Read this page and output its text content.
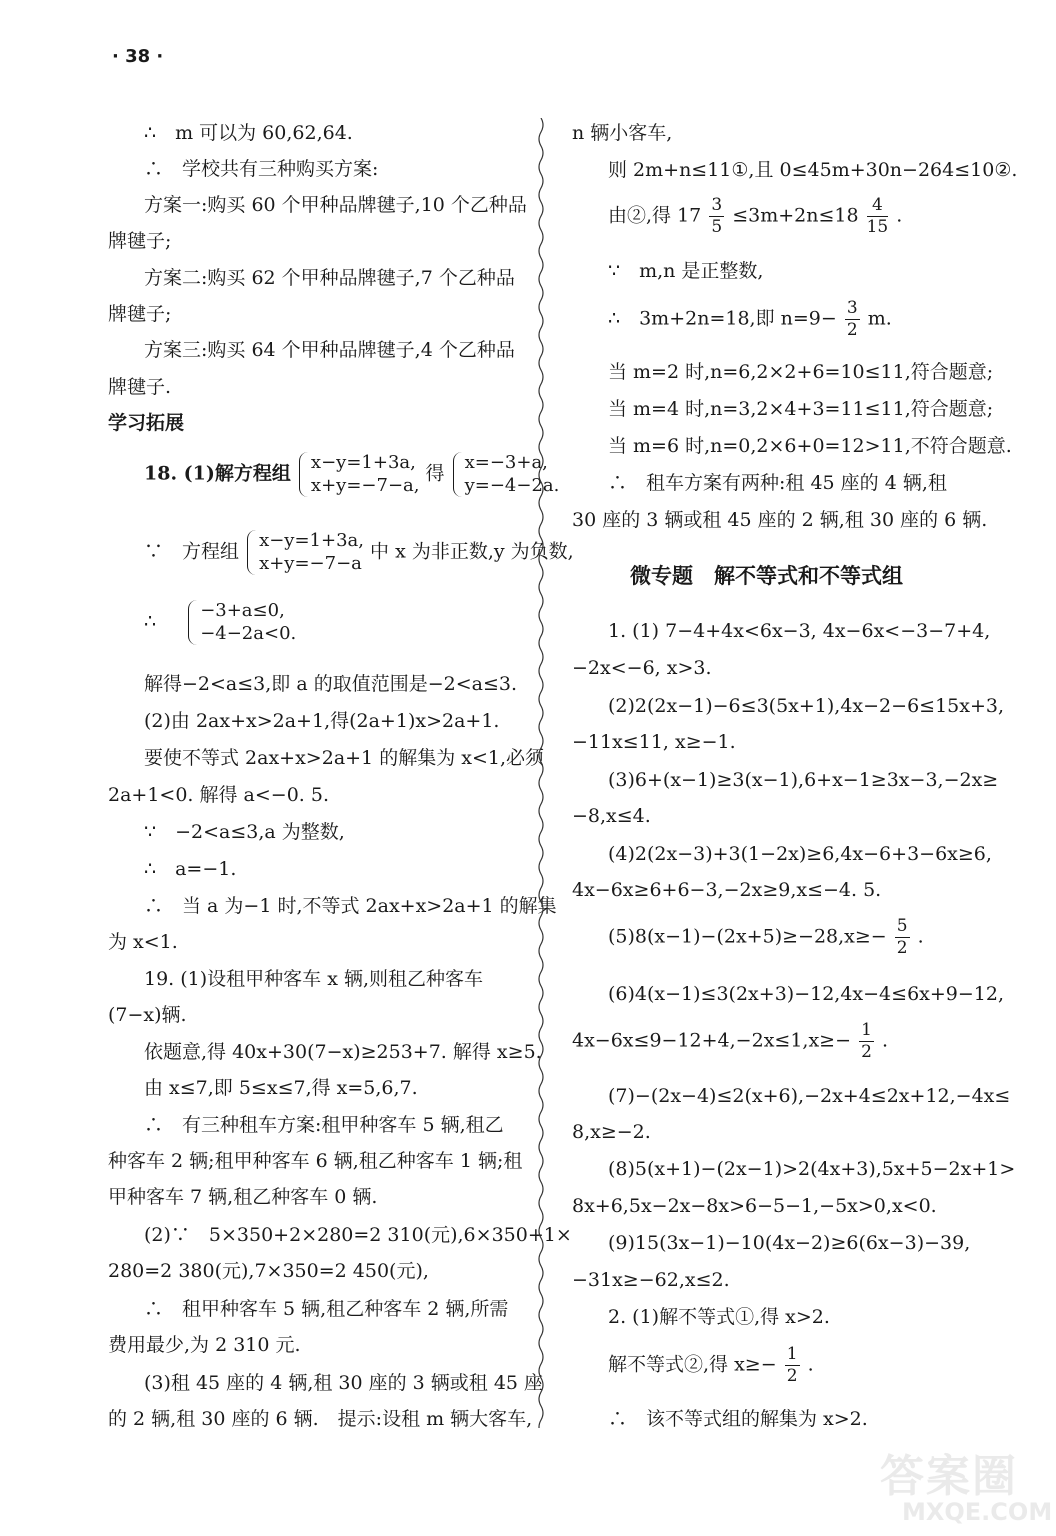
· 38 ·
∴　m 可以为 60,62,64.
∴　学校共有三种购买方案:
方案一:购买 60 个甲种品牌毽子,10 个乙种品
牌毽子;
方案二:购买 62 个甲种品牌毽子,7 个乙种品
牌毽子;
方案三:购买 64 个甲种品牌毽子,4 个乙种品
牌毽子.
学习拓展
18. (1)解方程组 x−y=1+3a,
x+y=−7−a,
得 x=−3+a,
y=−4−2a.
∵　方程组 x−y=1+3a,
x+y=−7−a
中 x 为非正数,y 为负数,
∴ −3+a≤0,
−4−2a<0.
解得−2<a≤3,即 a 的取值范围是−2<a≤3.
(2)由 2ax+x>2a+1,得(2a+1)x>2a+1.
要使不等式 2ax+x>2a+1 的解集为 x<1,必须
2a+1<0. 解得 a<−0. 5.
∵　−2<a≤3,a 为整数,
∴　a=−1.
∴　当 a 为−1 时,不等式 2ax+x>2a+1 的解集
为 x<1.
19. (1)设租甲种客车 x 辆,则租乙种客车
(7−x)辆.
依题意,得 40x+30(7−x)≥253+7. 解得 x≥5.
由 x≤7,即 5≤x≤7,得 x=5,6,7.
∴　有三种租车方案:租甲种客车 5 辆,租乙
种客车 2 辆;租甲种客车 6 辆,租乙种客车 1 辆;租
甲种客车 7 辆,租乙种客车 0 辆.
(2)∵　5×350+2×280=2 310(元),6×350+1×
280=2 380(元),7×350=2 450(元),
∴　租甲种客车 5 辆,租乙种客车 2 辆,所需
费用最少,为 2 310 元.
(3)租 45 座的 4 辆,租 30 座的 3 辆或租 45 座
的 2 辆,租 30 座的 6 辆.　提示:设租 m 辆大客车,
n 辆小客车,
则 2m+n≤11①,且 0≤45m+30n−264≤10②.
由②,得 $17 \frac{3}{5} \le 3m+2n\le 18 \frac{4}{15}$ .
∵　m,n 是正整数,
∴　3m+2n=18,即 $n=9- \frac{3}{2} m$.
当 m=2 时,n=6,2×2+6=10≤11,符合题意;
当 m=4 时,n=3,2×4+3=11≤11,符合题意;
当 m=6 时,n=0,2×6+0=12>11,不符合题意.
∴　租车方案有两种:租 45 座的 4 辆,租
30 座的 3 辆或租 45 座的 2 辆,租 30 座的 6 辆.
微专题　解不等式和不等式组
1. (1) 7−4+4x<6x−3, 4x−6x<−3−7+4,
−2x<−6, x>3.
(2)2(2x−1)−6≤3(5x+1),4x−2−6≤15x+3,
−11x≤11, x≥−1.
(3)6+(x−1)≥3(x−1),6+x−1≥3x−3,−2x≥
−8,x≤4.
(4)2(2x−3)+3(1−2x)≥6,4x−6+3−6x≥6,
4x−6x≥6+6−3,−2x≥9,x≤−4. 5.
$(5)8(x-1)-(2x+5)\ge-28,x\ge- \frac{5}{2}$ .
(6)4(x−1)≤3(2x+3)−12,4x−4≤6x+9−12,
$4x-6x\le 9-12+4,-2x\le 1,x\ge- \frac{1}{2}$ .
(7)−(2x−4)≤2(x+6),−2x+4≤2x+12,−4x≤
8,x≥−2.
(8)5(x+1)−(2x−1)>2(4x+3),5x+5−2x+1>
8x+6,5x−2x−8x>6−5−1,−5x>0,x<0.
(9)15(3x−1)−10(4x−2)≥6(6x−3)−39,
−31x≥−62,x≤2.
2. (1)解不等式①,得 x>2.
解不等式②,得 $x\ge- \frac{1}{2}$ .
∴　该不等式组的解集为 x>2.
答案圈
MXQE.COM
